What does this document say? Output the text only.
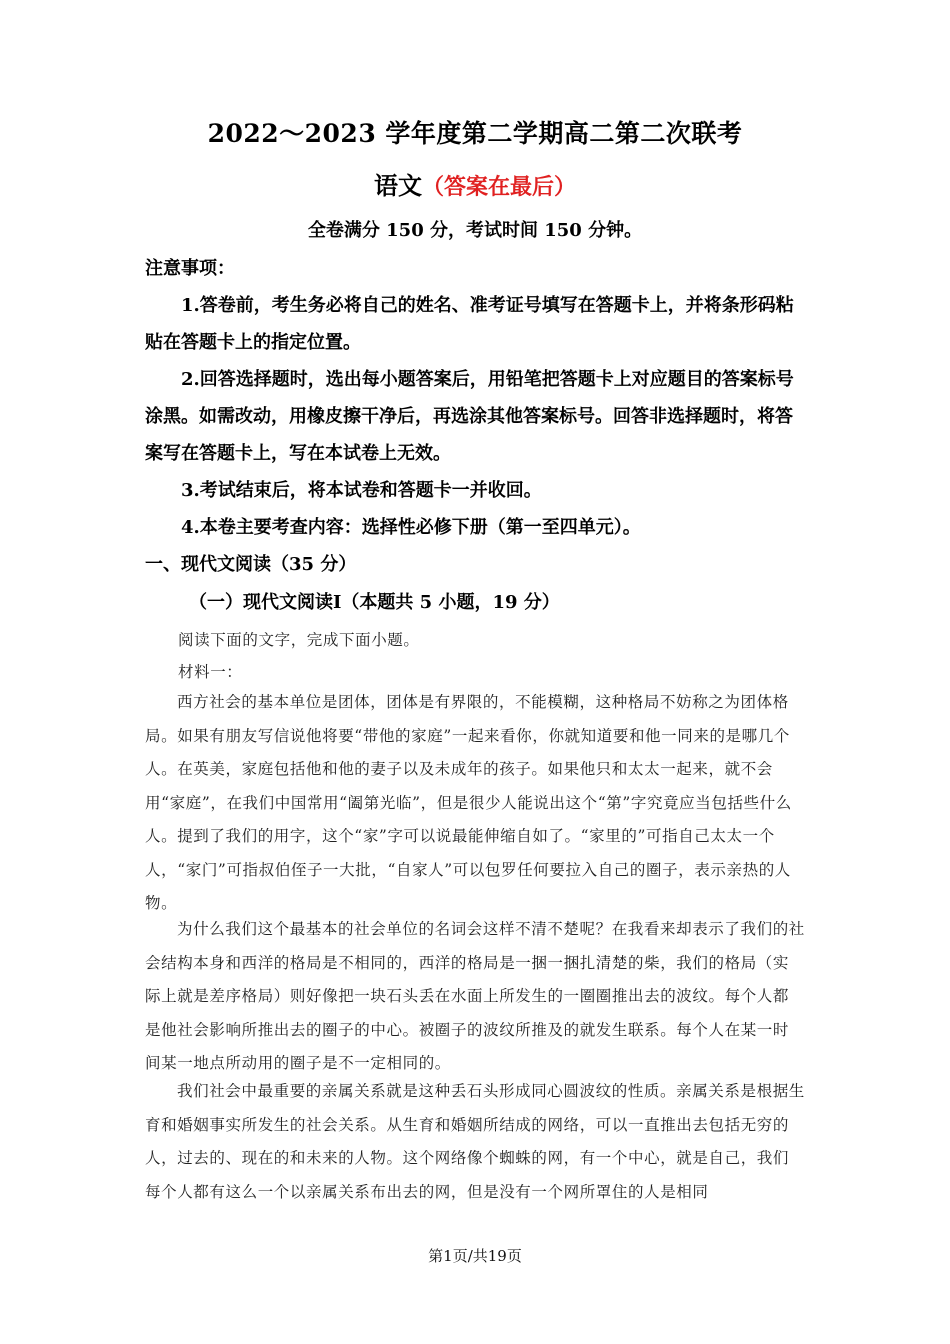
2022～2023 学年度第二学期高二第二次联考
语文（答案在最后）
全卷满分 150 分，考试时间 150 分钟。
注意事项：
1.答卷前，考生务必将自己的姓名、准考证号填写在答题卡上，并将条形码粘贴在答题卡上的指定位置。
2.回答选择题时，选出每小题答案后，用铅笔把答题卡上对应题目的答案标号涂黑。如需改动，用橡皮擦干净后，再选涂其他答案标号。回答非选择题时，将答案写在答题卡上，写在本试卷上无效。
3.考试结束后，将本试卷和答题卡一并收回。
4.本卷主要考查内容：选择性必修下册（第一至四单元）。
一、现代文阅读（35 分）
（一）现代文阅读Ⅰ（本题共 5 小题，19 分）
阅读下面的文字，完成下面小题。
材料一：
西方社会的基本单位是团体，团体是有界限的，不能模糊，这种格局不妨称之为团体格局。如果有朋友写信说他将要“带他的家庭”一起来看你，你就知道要和他一同来的是哪几个人。在英美，家庭包括他和他的妻子以及未成年的孩子。如果他只和太太一起来，就不会用“家庭”，在我们中国常用“阖第光临”，但是很少人能说出这个“第”字究竟应当包括些什么人。提到了我们的用字，这个“家”字可以说最能伸缩自如了。“家里的”可指自己太太一个人，“家门”可指叔伯侄子一大批，“自家人”可以包罗任何要拉入自己的圈子，表示亲热的人物。
为什么我们这个最基本的社会单位的名词会这样不清不楚呢？在我看来却表示了我们的社会结构本身和西洋的格局是不相同的，西洋的格局是一捆一捆扎清楚的柴，我们的格局（实际上就是差序格局）则好像把一块石头丢在水面上所发生的一圈圈推出去的波纹。每个人都是他社会影响所推出去的圈子的中心。被圈子的波纹所推及的就发生联系。每个人在某一时间某一地点所动用的圈子是不一定相同的。
我们社会中最重要的亲属关系就是这种丢石头形成同心圆波纹的性质。亲属关系是根据生育和婚姻事实所发生的社会关系。从生育和婚姻所结成的网络，可以一直推出去包括无穷的人，过去的、现在的和未来的人物。这个网络像个蜘蛛的网，有一个中心，就是自己，我们每个人都有这么一个以亲属关系布出去的网，但是没有一个网所罩住的人是相同
第1页/共19页
